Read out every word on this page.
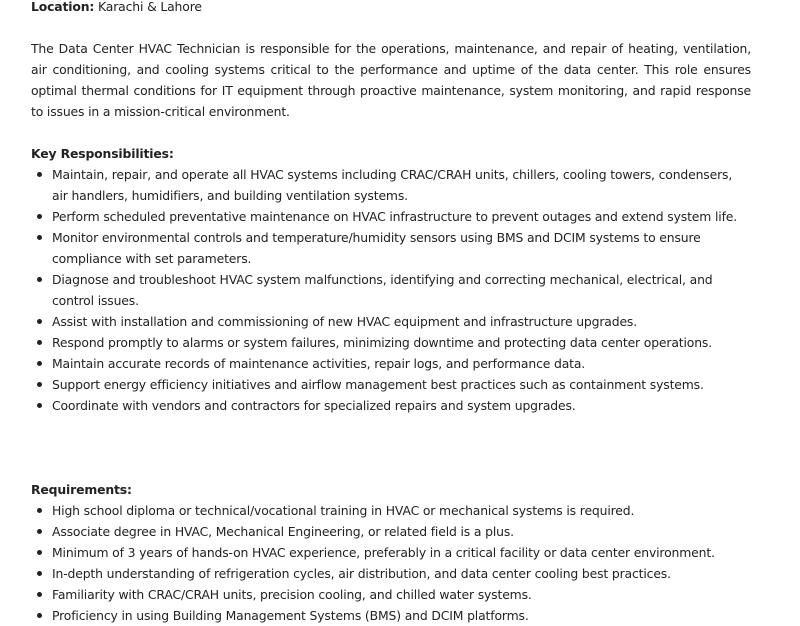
Location: Karachi & Lahore

The Data Center HVAC Technician is responsible for the operations, maintenance, and repair of heating, ventilation, air conditioning, and cooling systems critical to the performance and uptime of the data center. This role ensures optimal thermal conditions for IT equipment through proactive maintenance, system monitoring, and rapid response to issues in a mission-critical environment.

Key Responsibilities:

Maintain, repair, and operate all HVAC systems including CRAC/CRAH units, chillers, cooling towers, condensers, air handlers, humidifiers, and building ventilation systems.
Perform scheduled preventative maintenance on HVAC infrastructure to prevent outages and extend system life.
Monitor environmental controls and temperature/humidity sensors using BMS and DCIM systems to ensure compliance with set parameters.
Diagnose and troubleshoot HVAC system malfunctions, identifying and correcting mechanical, electrical, and control issues.
Assist with installation and commissioning of new HVAC equipment and infrastructure upgrades.
Respond promptly to alarms or system failures, minimizing downtime and protecting data center operations.
Maintain accurate records of maintenance activities, repair logs, and performance data.
Support energy efficiency initiatives and airflow management best practices such as containment systems.
Coordinate with vendors and contractors for specialized repairs and system upgrades.

Requirements:

High school diploma or technical/vocational training in HVAC or mechanical systems is required.
Associate degree in HVAC, Mechanical Engineering, or related field is a plus.
Minimum of 3 years of hands-on HVAC experience, preferably in a critical facility or data center environment.
In-depth understanding of refrigeration cycles, air distribution, and data center cooling best practices.
Familiarity with CRAC/CRAH units, precision cooling, and chilled water systems.
Proficiency in using Building Management Systems (BMS) and DCIM platforms.
